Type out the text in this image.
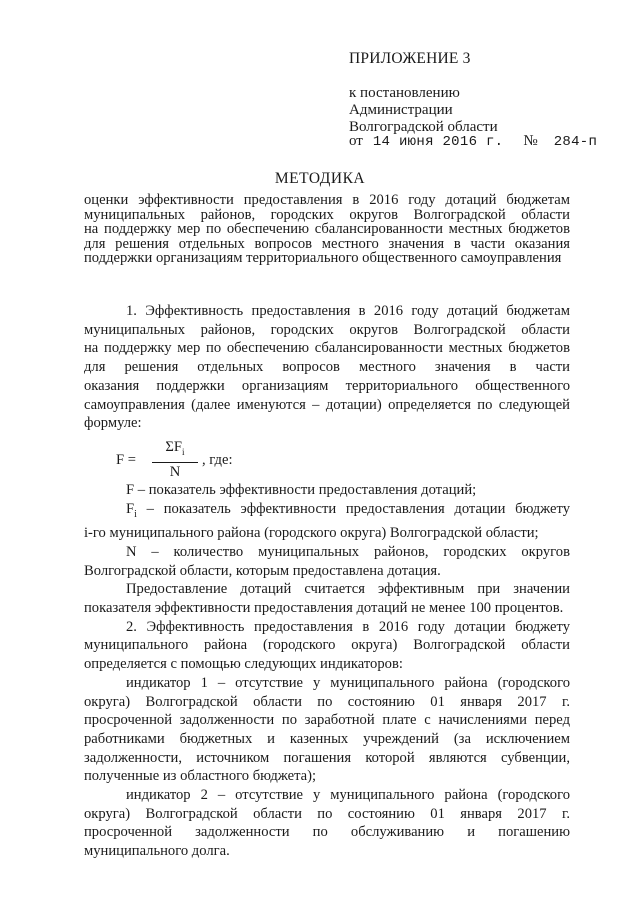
ПРИЛОЖЕНИЕ 3
к постановлению
Администрации
Волгоградской области
от 14 июня 2016 г. № 284-п
МЕТОДИКА
оценки эффективности предоставления в 2016 году дотаций бюджетам
муниципальных районов, городских округов Волгоградской области
на поддержку мер по обеспечению сбалансированности местных бюджетов
для решения отдельных вопросов местного значения в части оказания
поддержки организациям территориального общественного самоуправления
1. Эффективность предоставления в 2016 году дотаций бюджетам
муниципальных районов, городских округов Волгоградской области
на поддержку мер по обеспечению сбалансированности местных бюджетов
для решения отдельных вопросов местного значения в части
оказания поддержки организациям территориального общественного
самоуправления (далее именуются – дотации) определяется по следующей
формуле:
F =
$\Sigma F_i$
N
, где:
F – показатель эффективности предоставления дотаций;
$F_i$ – показатель эффективности предоставления дотации бюджету
i-го муниципального района (городского округа) Волгоградской области;
N – количество муниципальных районов, городских округов
Волгоградской области, которым предоставлена дотация.
Предоставление дотаций считается эффективным при значении
показателя эффективности предоставления дотаций не менее 100 процентов.
2. Эффективность предоставления в 2016 году дотации бюджету
муниципального района (городского округа) Волгоградской области
определяется с помощью следующих индикаторов:
индикатор 1 – отсутствие у муниципального района (городского
округа) Волгоградской области по состоянию 01 января 2017 г.
просроченной задолженности по заработной плате с начислениями перед
работниками бюджетных и казенных учреждений (за исключением
задолженности, источником погашения которой являются субвенции,
полученные из областного бюджета);
индикатор 2 – отсутствие у муниципального района (городского
округа) Волгоградской области по состоянию 01 января 2017 г.
просроченной задолженности по обслуживанию и погашению
муниципального долга.
